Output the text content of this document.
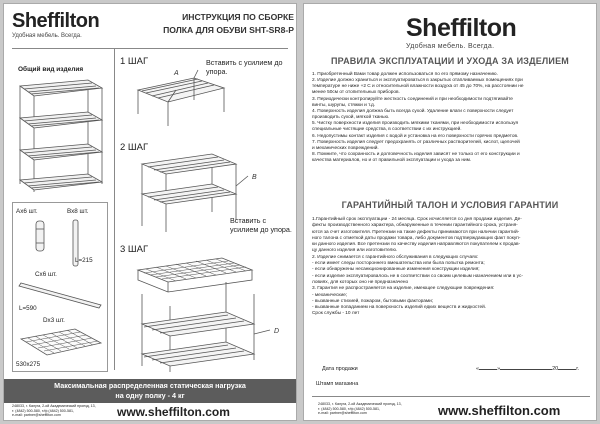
Sheffilton
Удобная мебель. Всегда.
ИНСТРУКЦИЯ ПО СБОРКЕ
ПОЛКА ДЛЯ ОБУВИ SHT-SR8-P
Общий вид изделия
1 ШАГ	Вставить с усилием до упора.
A
2 ШАГ
B
Вставить с усилием до упора.
3 ШАГ
D
Ах6 шт.	Вх8 шт.
L=215
Сх6 шт.
L=590
Dх3 шт.
530х275
Максимальная распределенная статическая нагрузка
на одну полку - 4 кг
248033, г. Калуга, 2-ой Академический проезд, 13,
т. (4842) 500-580, т/ф (4842) 500-581,
e-mail: partner@sheffilton.com	www.sheffilton.com
Sheffilton
Удобная мебель. Всегда.
ПРАВИЛА ЭКСПЛУАТАЦИИ И УХОДА ЗА ИЗДЕЛИЕМ
1. Приобретенный Вами товар должен использоваться по его прямому назначению.
2. Изделие должно храниться и эксплуатироваться в закрытых отапливаемых помещениях при
температуре не ниже +2 С и относительной влажности воздуха от 45 до 70%, на расстоянии не
менее 50см от отопительных приборов.
3. Периодически контролируйте жесткость соединений и при необходимости подтягивайте
винты, шурупы, стяжки и т.д.
4. Поверхность изделия должна быть всегда сухой. Удаление влаги с поверхности следует
производить сухой, мягкой тканью.
5. Чистку поверхности изделия производить мягкими тканями, при необходимости используя
специальные чистящие средства, в соответствии с их инструкцией.
6. Недопустимы контакт изделия с водой и установка на его поверхности горячих предметов.
7. Поверхность изделия следует предохранять от различных растворителей, кислот, щелочей
и механических повреждений.
8. Помните, что сохранность и долговечность изделия зависят не только от его конструкции и
качества материалов, но и от правильной эксплуатации и ухода за ним.
ГАРАНТИЙНЫЙ ТАЛОН И УСЛОВИЯ ГАРАНТИИ
1.Гарантийный срок эксплуатации - 24 месяца. Срок исчисляется со дня продажи изделия. Де-
фекты производственного характера, обнаруженные в течении гарантийного срока, устраня-
ются за счет изготовителя. Претензии на такие дефекты принимаются при наличии гарантий-
ного талона с отметкой даты продажи товара, либо документов подтверждающих факт покуп-
ки данного изделия. Все претензии по качеству изделия направляются покупателем к продав-
цу данного изделия или изготовителю.
2. Изделие снимается с гарантийного обслуживания в следующих случаях:
- если имеет следы постороннего вмешательства или была попытка ремонта;
- если обнаружены несанкционированные изменения конструкции изделия;
- если изделие эксплуатировалось не в соответствии со своим целевым назначением или в ус-
ловиях, для которых оно не предназначено
3. Гарантия не распространяется на изделие, имеющее следующие повреждения:
- механические;
- вызванные стихией, пожаром, бытовыми факторами;
- вызванные попаданием на поверхность изделий едких веществ и жидкостей.
Срок службы - 10 лет
Дата продажи	«	»	20	г.
Штамп магазина
248033, г. Калуга, 2-ой Академический проезд, 13,
т. (4842) 500-580, т/ф (4842) 500-581,
e-mail: partner@sheffilton.com	www.sheffilton.com
